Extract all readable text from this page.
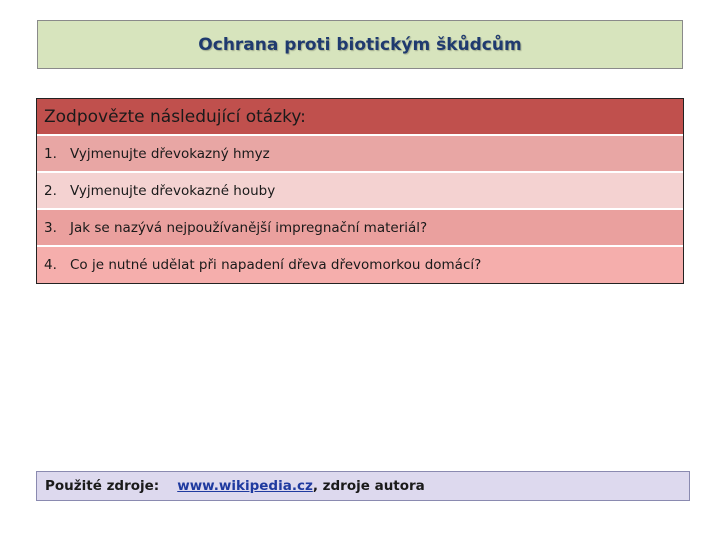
Ochrana proti biotickým škůdcům
Zodpovězte následující otázky:
1. Vyjmenujte dřevokazný hmyz
2. Vyjmenujte dřevokazné houby
3. Jak se nazývá nejpoužívanější impregnační materiál?
4. Co je nutné udělat při napadení dřeva dřevomorkou domácí?
Použité zdroje: www.wikipedia.cz , zdroje autora
